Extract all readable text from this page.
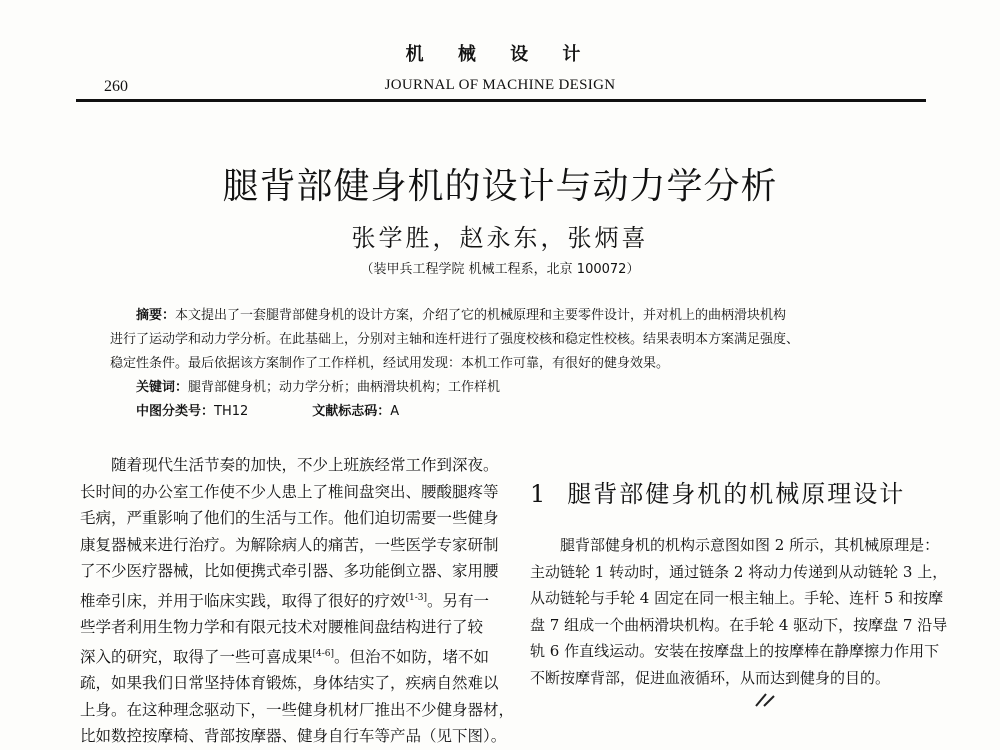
机 械 设 计
260	JOURNAL OF MACHINE DESIGN
腿背部健身机的设计与动力学分析
张学胜，赵永东，张炳喜
（装甲兵工程学院 机械工程系，北京 100072）
摘要：本文提出了一套腿背部健身机的设计方案，介绍了它的机械原理和主要零件设计，并对机上的曲柄滑块机构
进行了运动学和动力学分析。在此基础上，分别对主轴和连杆进行了强度校核和稳定性校核。结果表明本方案满足强度、
稳定性条件。最后依据该方案制作了工作样机，经试用发现：本机工作可靠，有很好的健身效果。
关键词：腿背部健身机；动力学分析；曲柄滑块机构；工作样机
中图分类号：TH12	文献标志码：A
随着现代生活节奏的加快，不少上班族经常工作到深夜。
长时间的办公室工作使不少人患上了椎间盘突出、腰酸腿疼等
毛病，严重影响了他们的生活与工作。他们迫切需要一些健身
康复器械来进行治疗。为解除病人的痛苦，一些医学专家研制
了不少医疗器械，比如便携式牵引器、多功能倒立器、家用腰
椎牵引床，并用于临床实践，取得了很好的疗效[1-3]。另有一
些学者利用生物力学和有限元技术对腰椎间盘结构进行了较
深入的研究，取得了一些可喜成果[4-6]。但治不如防，堵不如
疏，如果我们日常坚持体育锻炼，身体结实了，疾病自然难以
上身。在这种理念驱动下，一些健身机材厂推出不少健身器材，
比如数控按摩椅、背部按摩器、健身自行车等产品（见下图）。
1 腿背部健身机的机械原理设计
腿背部健身机的机构示意图如图 2 所示，其机械原理是：
主动链轮 1 转动时，通过链条 2 将动力传递到从动链轮 3 上，
从动链轮与手轮 4 固定在同一根主轴上。手轮、连杆 5 和按摩
盘 7 组成一个曲柄滑块机构。在手轮 4 驱动下，按摩盘 7 沿导
轨 6 作直线运动。安装在按摩盘上的按摩棒在静摩擦力作用下
不断按摩背部，促进血液循环，从而达到健身的目的。
